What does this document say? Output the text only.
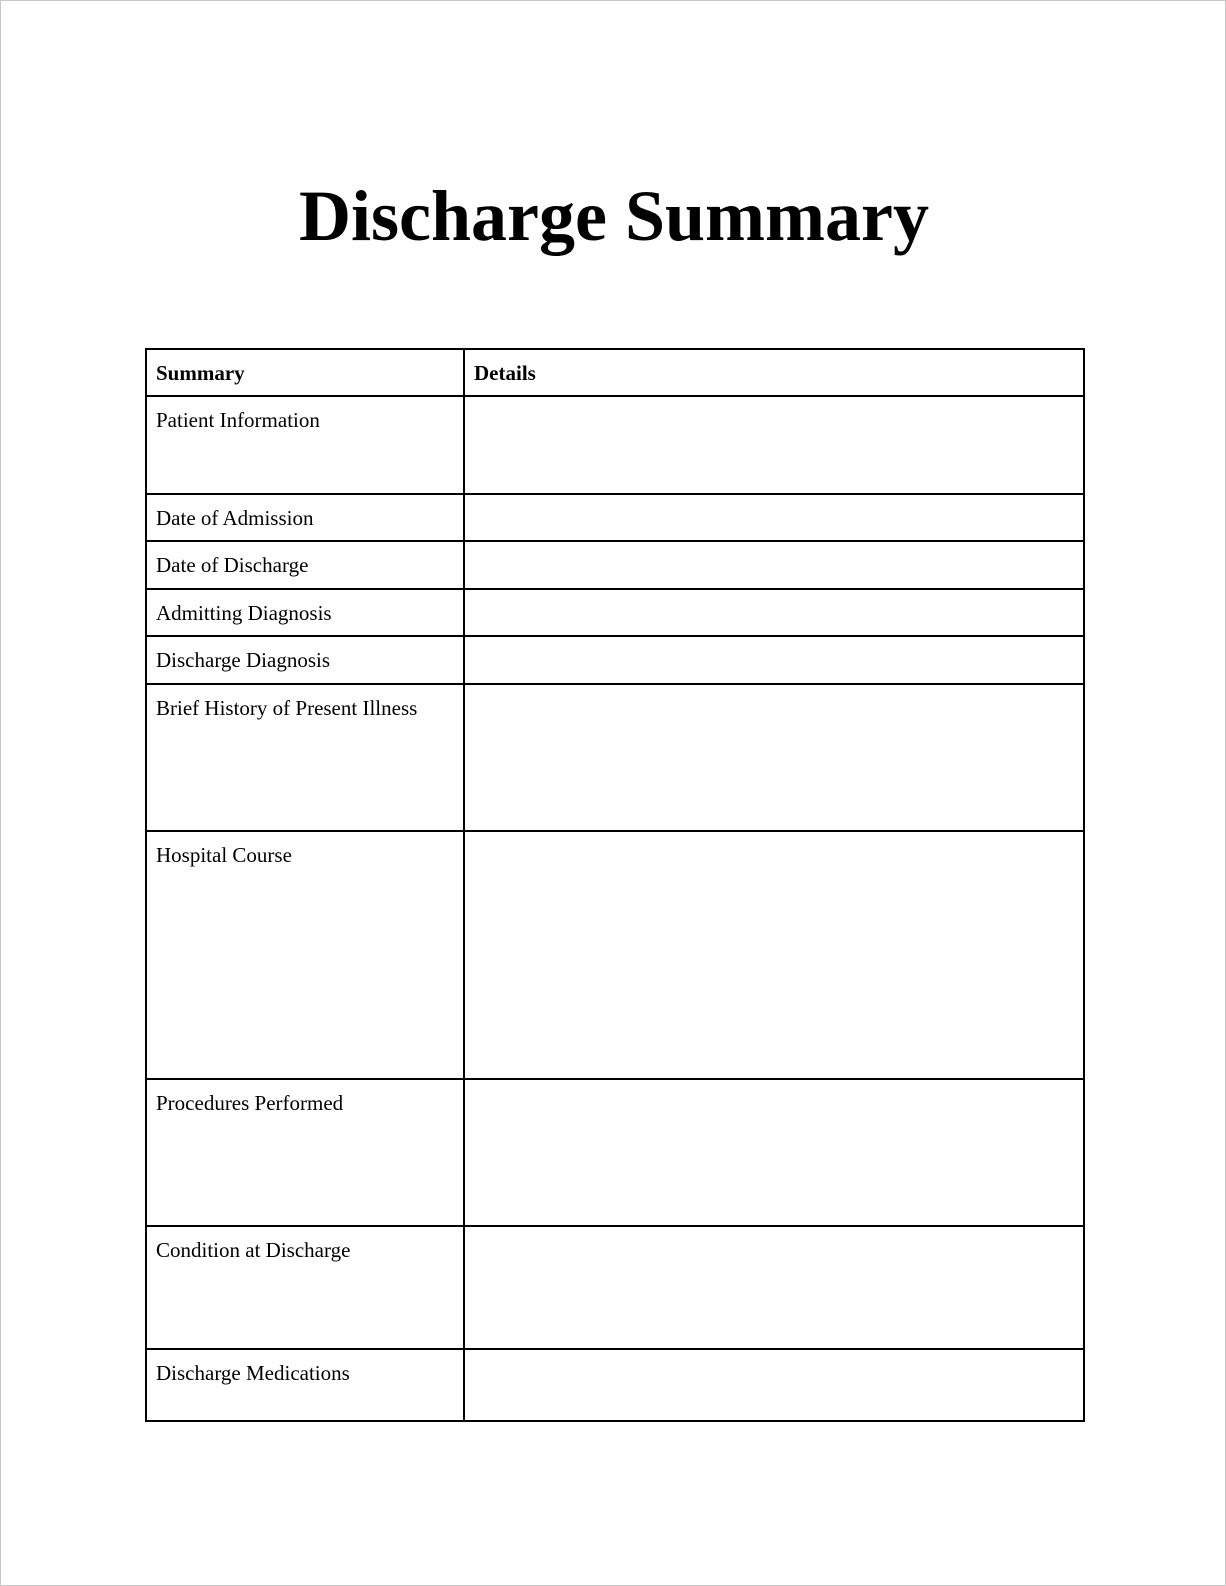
Discharge Summary
Summary	Details
Patient Information	
Date of Admission	
Date of Discharge	
Admitting Diagnosis	
Discharge Diagnosis	
Brief History of Present Illness	
Hospital Course	
Procedures Performed	
Condition at Discharge	
Discharge Medications	
